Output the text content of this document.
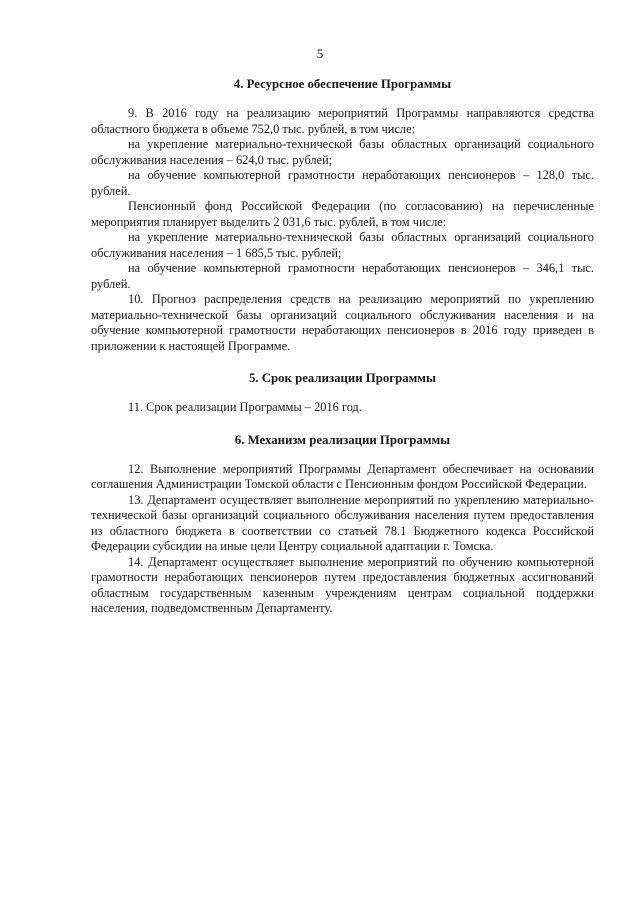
5
4. Ресурсное обеспечение Программы

9. В 2016 году на реализацию мероприятий Программы направляются средства областного бюджета в объеме 752,0 тыс. рублей, в том числе:

на укрепление материально-технической базы областных организаций социального обслуживания населения – 624,0 тыс. рублей;

на обучение компьютерной грамотности неработающих пенсионеров – 128,0 тыс. рублей.

Пенсионный фонд Российской Федерации (по согласованию) на перечисленные мероприятия планирует выделить 2 031,6 тыс. рублей, в том числе:

на укрепление материально-технической базы областных организаций социального обслуживания населения – 1 685,5 тыс. рублей;

на обучение компьютерной грамотности неработающих пенсионеров – 346,1 тыс. рублей.

10. Прогноз распределения средств на реализацию мероприятий по укреплению материально-технической базы организаций социального обслуживания населения и на обучение компьютерной грамотности неработающих пенсионеров в 2016 году приведен в приложении к настоящей Программе.

5. Срок реализации Программы

11. Срок реализации Программы – 2016 год.

6. Механизм реализации Программы

12. Выполнение мероприятий Программы Департамент обеспечивает на основании соглашения Администрации Томской области с Пенсионным фондом Российской Федерации.

13. Департамент осуществляет выполнение мероприятий по укреплению материально-технической базы организаций социального обслуживания населения путем предоставления из областного бюджета в соответствии со статьей 78.1 Бюджетного кодекса Российской Федерации субсидии на иные цели Центру социальной адаптации г. Томска.

14. Департамент осуществляет выполнение мероприятий по обучению компьютерной грамотности неработающих пенсионеров путем предоставления бюджетных ассигнований областным государственным казенным учреждениям центрам социальной поддержки населения, подведомственным Департаменту.
